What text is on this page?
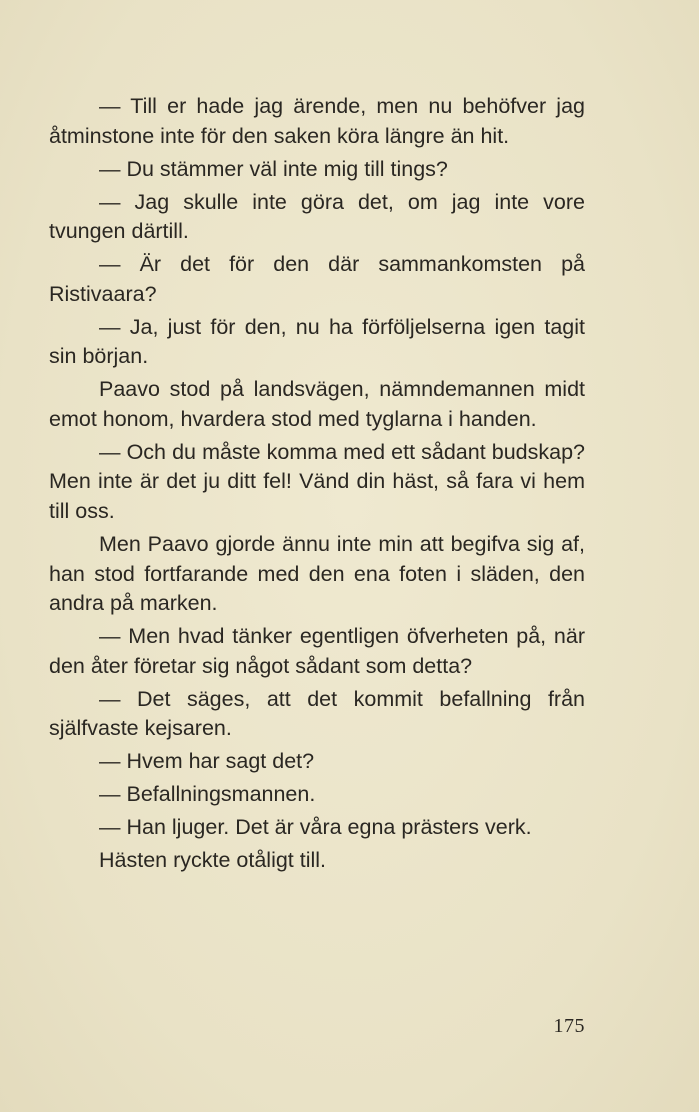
— Till er hade jag ärende, men nu behöfver jag åtminstone inte för den saken köra längre än hit.

— Du stämmer väl inte mig till tings?

— Jag skulle inte göra det, om jag inte vore tvungen därtill.

— Är det för den där sammankomsten på Ristivaara?

— Ja, just för den, nu ha förföljelserna igen tagit sin början.

Paavo stod på landsvägen, nämndemannen midt emot honom, hvardera stod med tyglarna i handen.

— Och du måste komma med ett sådant budskap? Men inte är det ju ditt fel! Vänd din häst, så fara vi hem till oss.

Men Paavo gjorde ännu inte min att begifva sig af, han stod fortfarande med den ena foten i släden, den andra på marken.

— Men hvad tänker egentligen öfverheten på, när den åter företar sig något sådant som detta?

— Det säges, att det kommit befallning från själfvaste kejsaren.

— Hvem har sagt det?

— Befallningsmannen.

— Han ljuger. Det är våra egna prästers verk.

Hästen ryckte otåligt till.

175
